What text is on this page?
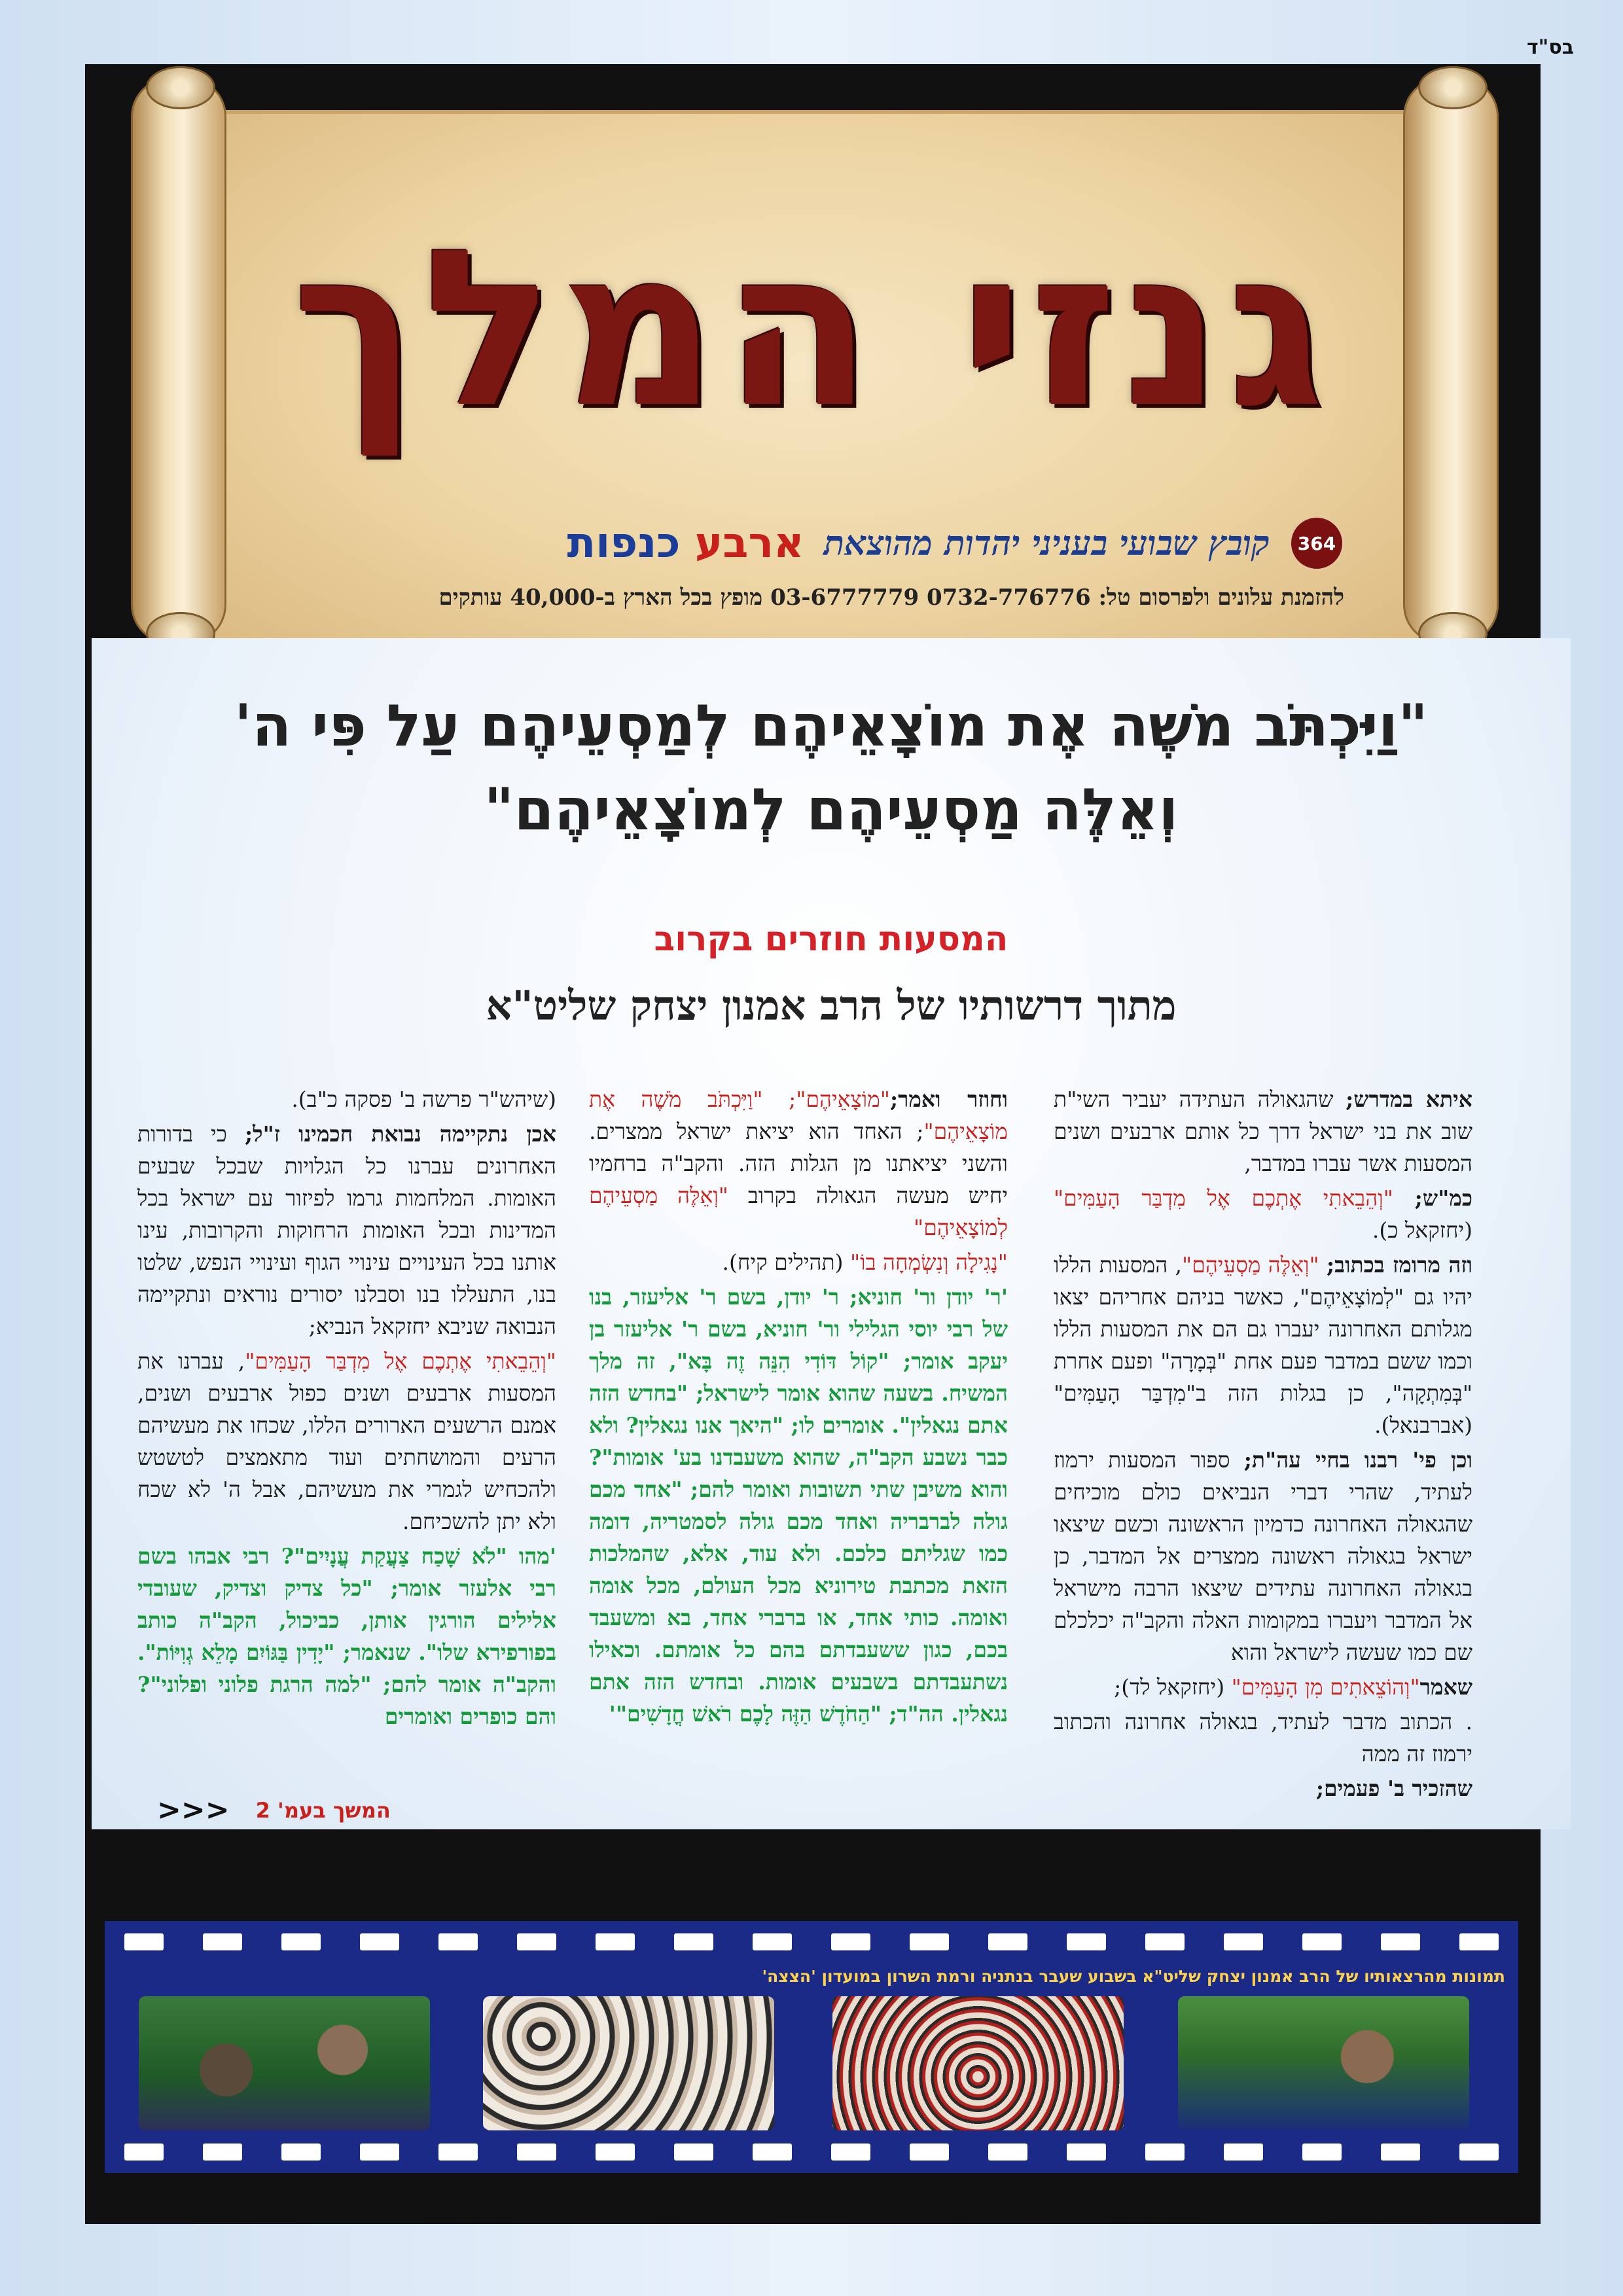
בס"ד
גנזי המלך
364
קובץ שבועי בעניני יהדות מהוצאת
ארבע כנפות
להזמנת עלונים ולפרסום טל: 0732-776776 03-6777779 מופץ בכל הארץ ב-40,000 עותקים
"וַיִּכְתֹּב מֹשֶׁה אֶת מוֹצָאֵיהֶם לְמַסְעֵיהֶם עַל פִּי ה'
וְאֵלֶּה מַסְעֵיהֶם לְמוֹצָאֵיהֶם"
המסעות חוזרים בקרוב
מתוך דרשותיו של הרב אמנון יצחק שליט"א

איתא במדרש; שהגאולה העתידה יעביר השי"ת שוב את בני ישראל דרך כל אותם ארבעים ושנים המסעות אשר עברו במדבר,

כמ"ש; "וְהֵבֵאתִי אֶתְכֶם אֶל מִדְבַּר הָעַמִּים" (יחזקאל כ).

וזה מרומז בכתוב; "וְאֵלֶּה מַסְעֵיהֶם", המסעות הללו יהיו גם "לְמוֹצָאֵיהֶם", כאשר בניהם אחריהם יצאו מגלותם האחרונה יעברו גם הם את המסעות הללו וכמו ששם במדבר פעם אחת "בְּמָרָה" ופעם אחרת "בְּמִתְקָה", כן בגלות הזה ב"מִדְבַּר הָעַמִּים" (אברבנאל).

וכן פי' רבנו בחיי עה"ת; ספור המסעות ירמוז לעתיד, שהרי דברי הנביאים כולם מוכיחים שהגאולה האחרונה כדמיון הראשונה וכשם שיצאו ישראל בגאולה ראשונה ממצרים אל המדבר, כן בגאולה האחרונה עתידים שיצאו הרבה מישראל אל המדבר ויעברו במקומות האלה והקב"ה יכלכלם שם כמו שעשה לישראל והוא

שאמר"וְהוֹצֵאתִים מִן הָעַמִּים" (יחזקאל לד);

. הכתוב מדבר לעתיד, בגאולה אחרונה והכתוב ירמוז זה ממה

שהזכיר ב' פעמים;

וחוזר ואמר;"מוֹצָאֵיהֶם"; "וַיִּכְתֹּב מֹשֶׁה אֶת מוֹצָאֵיהֶם"; האחד הוא יציאת ישראל ממצרים. והשני יציאתנו מן הגלות הזה. והקב"ה ברחמיו יחיש מעשה הגאולה בקרוב "וְאֵלֶּה מַסְעֵיהֶם לְמוֹצָאֵיהֶם"

"נָגִילָה וְנִשְׂמְחָה בוֹ" (תהילים קיח).

'ר' יודן ור' חוניא; ר' יודן, בשם ר' אליעזר, בנו של רבי יוסי הגלילי ור' חוניא, בשם ר' אליעזר בן יעקב אומר; "קוֹל דּוֹדִי הִנֵּה זֶה בָּא", זה מלך המשיח. בשעה שהוא אומר לישראל; "בחדש הזה אתם נגאלין". אומרים לו; "היאך אנו נגאלין? ולא כבר נשבע הקב"ה, שהוא משעבדנו בע' אומות"? והוא משיבן שתי תשובות ואומר להם; "אחד מכם גולה לברבריה ואחד מכם גולה לסמטריה, דומה כמו שגליתם כלכם. ולא עוד, אלא, שהמלכות הזאת מכתבת טירוניא מכל העולם, מכל אומה ואומה. כותי אחד, או ברברי אחד, בא ומשעבד בכם, כגון ששעבדתם בהם כל אומתם. וכאילו נשתעבדתם בשבעים אומות. ובחדש הזה אתם נגאלין. הה"ד; "הַחֹדֶשׁ הַזֶּה לָכֶם רֹאשׁ חֳדָשִׁים"'

(שיהש"ר פרשה ב' פסקה כ"ב).

אכן נתקיימה נבואת חכמינו ז"ל; כי בדורות האחרונים עברנו כל הגלויות שבכל שבעים האומות. המלחמות גרמו לפיזור עם ישראל בכל המדינות ובכל האומות הרחוקות והקרובות, עינו אותנו בכל העינויים עינויי הגוף ועינויי הנפש, שלטו בנו, התעללו בנו וסבלנו יסורים נוראים ונתקיימה הנבואה שניבא יחזקאל הנביא;

"וְהֵבֵאתִי אֶתְכֶם אֶל מִדְבַּר הָעַמִּים", עברנו את המסעות ארבעים ושנים כפול ארבעים ושנים, אמנם הרשעים הארורים הללו, שכחו את מעשיהם הרעים והמושחתים ועוד מתאמצים לטשטש ולהכחיש לגמרי את מעשיהם, אבל ה' לא שכח ולא יתן להשכיחם.

'מהו "לֹא שָׁכַח צַעֲקַת עֲנָיִים"? רבי אבהו בשם רבי אלעזר אומר; "כל צדיק וצדיק, שעובדי אלילים הורגין אותן, כביכול, הקב"ה כותב בפורפירא שלו". שנאמר; "יָדִין בַּגּוֹיִם מָלֵא גְוִיּוֹת". והקב"ה אומר להם; "למה הרגת פלוני ופלוני"? והם כופרים ואומרים

המשך בעמ' 2
<<<
תמונות מהרצאותיו של הרב אמנון יצחק שליט"א בשבוע שעבר בנתניה ורמת השרון במועדון 'הצצה'
